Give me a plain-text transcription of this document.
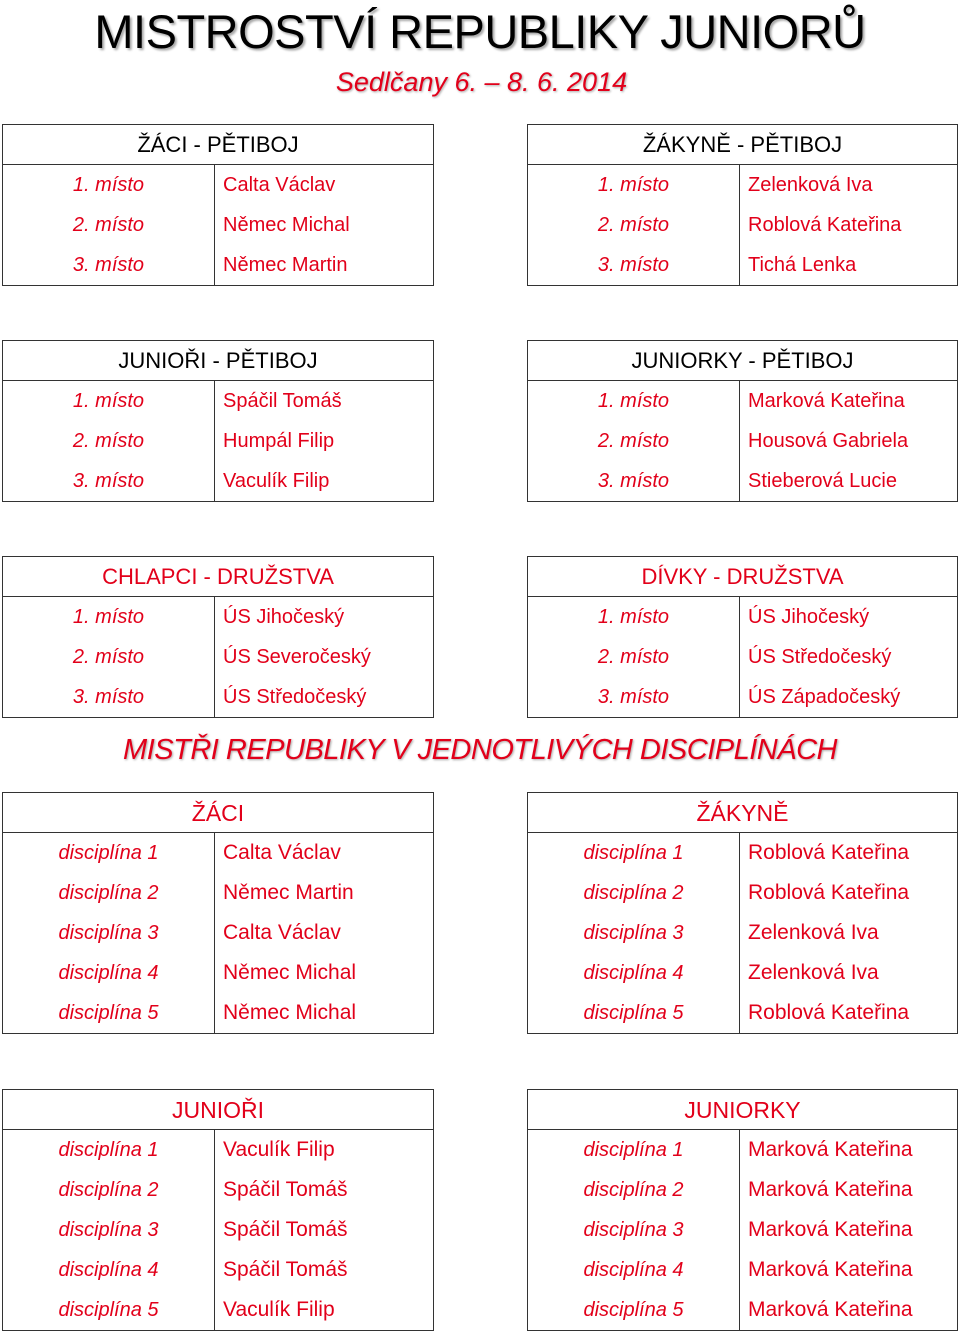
MISTROSTVÍ REPUBLIKY JUNIORŮ
Sedlčany 6. – 8. 6. 2014
ŽÁCI - PĚTIBOJ
1. místo	Calta Václav
2. místo	Němec Michal
3. místo	Němec Martin
ŽÁKYNĚ - PĚTIBOJ
1. místo	Zelenková Iva
2. místo	Roblová Kateřina
3. místo	Tichá Lenka
JUNIOŘI - PĚTIBOJ
1. místo	Spáčil Tomáš
2. místo	Humpál Filip
3. místo	Vaculík Filip
JUNIORKY - PĚTIBOJ
1. místo	Marková Kateřina
2. místo	Housová Gabriela
3. místo	Stieberová Lucie
CHLAPCI - DRUŽSTVA
1. místo	ÚS Jihočeský
2. místo	ÚS Severočeský
3. místo	ÚS Středočeský
DÍVKY - DRUŽSTVA
1. místo	ÚS Jihočeský
2. místo	ÚS Středočeský
3. místo	ÚS Západočeský
MISTŘI REPUBLIKY V JEDNOTLIVÝCH DISCIPLÍNÁCH
ŽÁCI
disciplína 1	Calta Václav
disciplína 2	Němec Martin
disciplína 3	Calta Václav
disciplína 4	Němec Michal
disciplína 5	Němec Michal
ŽÁKYNĚ
disciplína 1	Roblová Kateřina
disciplína 2	Roblová Kateřina
disciplína 3	Zelenková Iva
disciplína 4	Zelenková Iva
disciplína 5	Roblová Kateřina
JUNIOŘI
disciplína 1	Vaculík Filip
disciplína 2	Spáčil Tomáš
disciplína 3	Spáčil Tomáš
disciplína 4	Spáčil Tomáš
disciplína 5	Vaculík Filip
JUNIORKY
disciplína 1	Marková Kateřina
disciplína 2	Marková Kateřina
disciplína 3	Marková Kateřina
disciplína 4	Marková Kateřina
disciplína 5	Marková Kateřina
